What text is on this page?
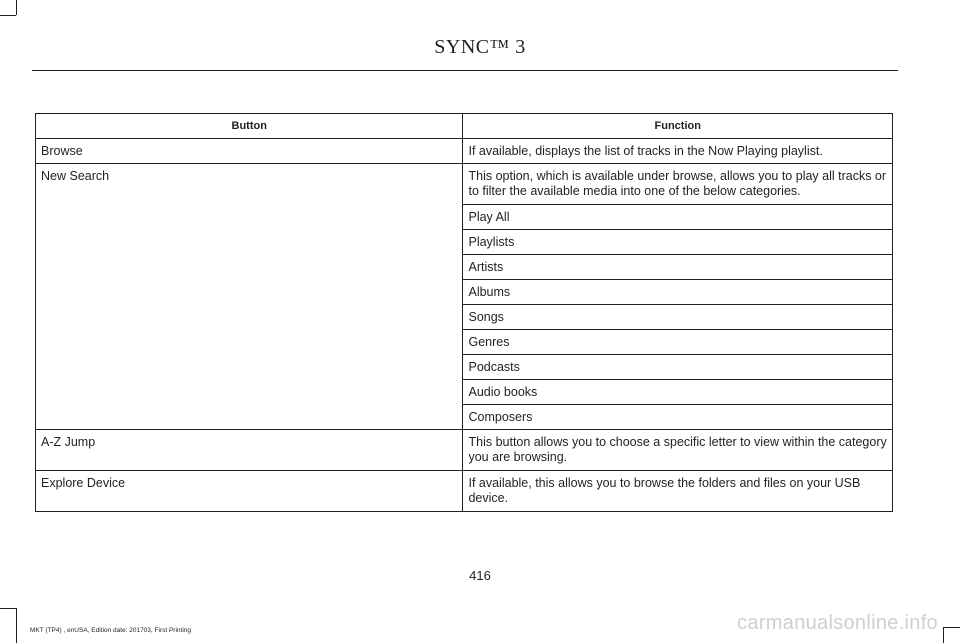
SYNC™ 3
Button	Function
Browse	If available, displays the list of tracks in the Now Playing playlist.
New Search	This option, which is available under browse, allows you to play all tracks or to filter the available media into one of the below categories.
	Play All
	Playlists
	Artists
	Albums
	Songs
	Genres
	Podcasts
	Audio books
	Composers
A-Z Jump	This button allows you to choose a specific letter to view within the category you are browsing.
Explore Device	If available, this allows you to browse the folders and files on your USB device.
416
MKT (TP4) , enUSA, Edition date: 201703, First Printing	carmanualsonline.info
